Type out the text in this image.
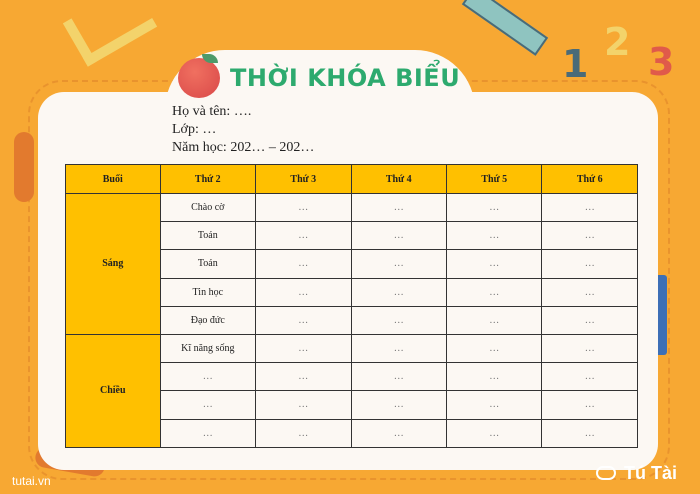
1 2 3
THỜI KHÓA BIỂU
Họ và tên: ….
Lớp: …
Năm học: 202… – 202…
Buổi	Thứ 2	Thứ 3	Thứ 4	Thứ 5	Thứ 6
Sáng	Chào cờ	…	…	…	…
	Toán	…	…	…	…
	Toán	…	…	…	…
	Tin học	…	…	…	…
	Đạo đức	…	…	…	…
Chiều	Kĩ năng sống	…	…	…	…
	…	…	…	…	…
	…	…	…	…	…
	…	…	…	…	…
tutai.vn	Tú Tài
